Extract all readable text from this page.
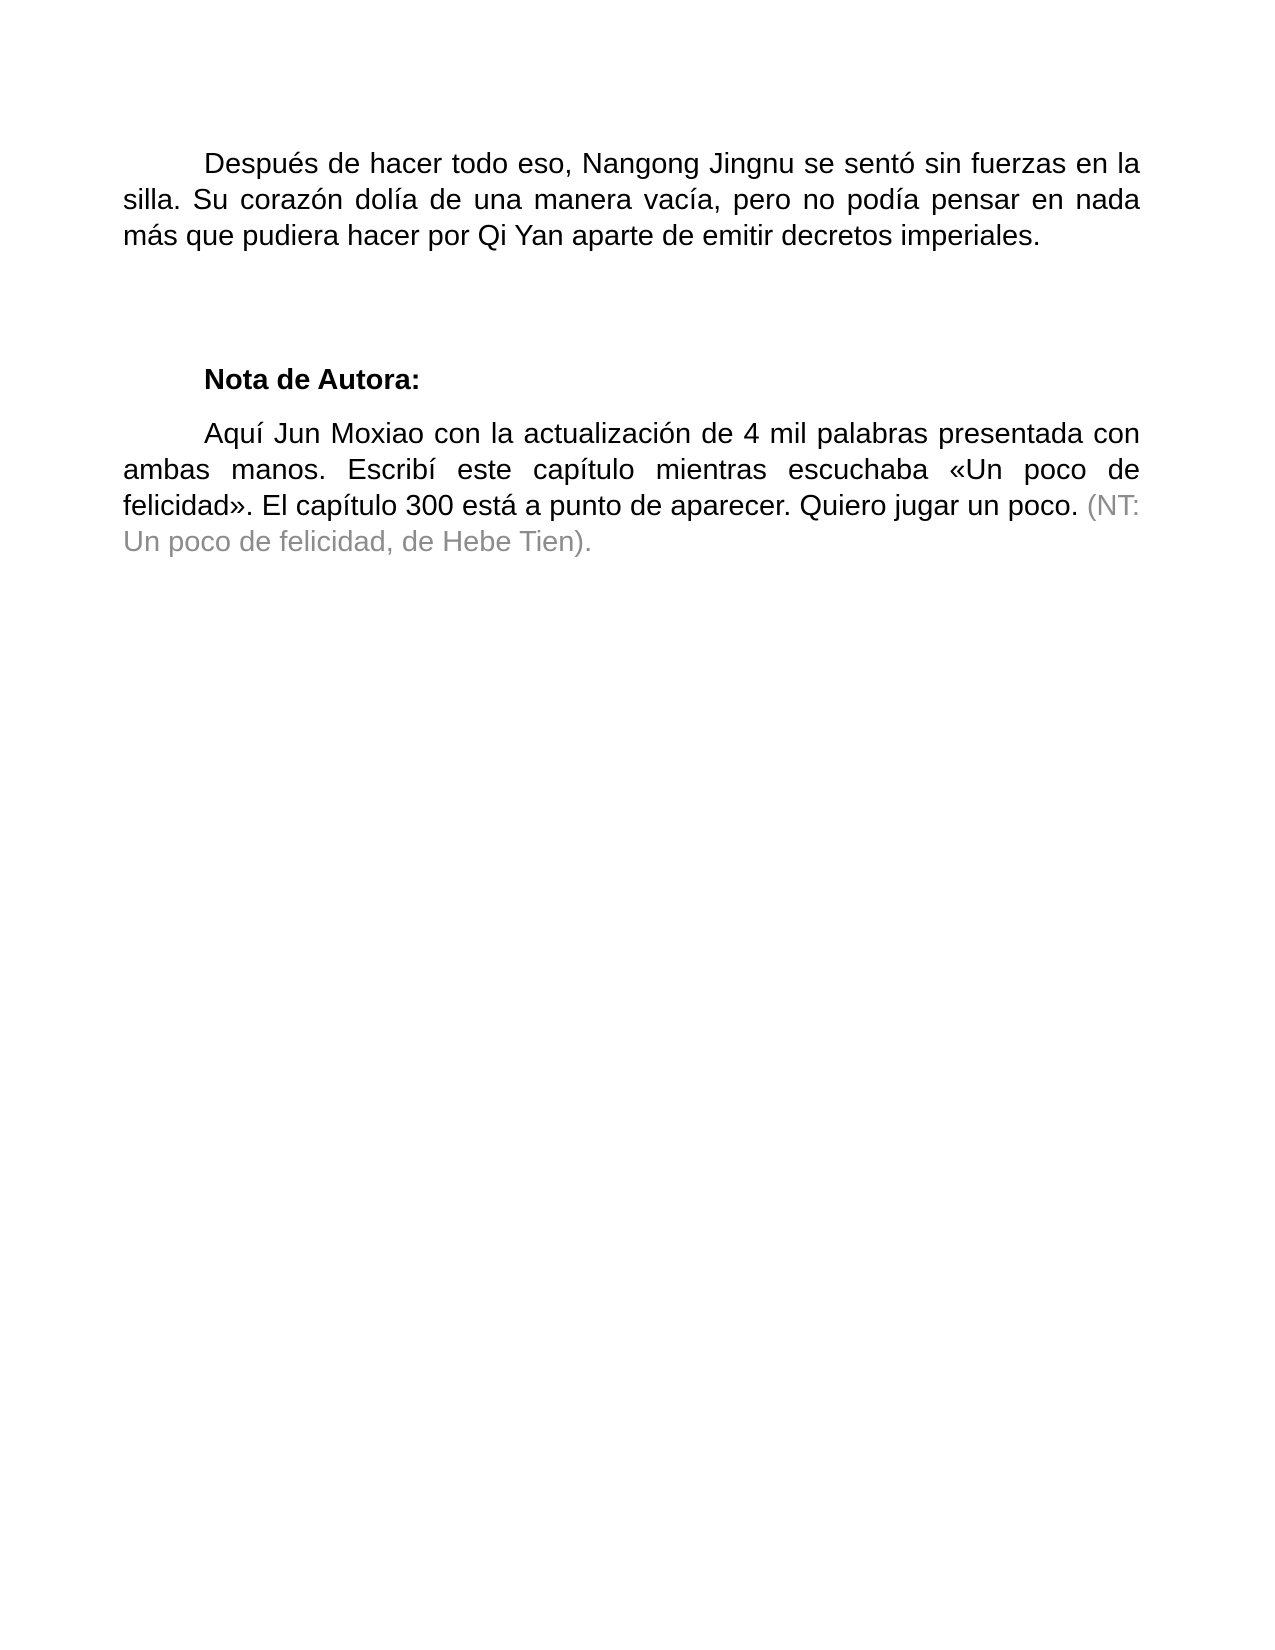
Después de hacer todo eso, Nangong Jingnu se sentó sin fuerzas en la silla. Su corazón dolía de una manera vacía, pero no podía pensar en nada más que pudiera hacer por Qi Yan aparte de emitir decretos imperiales.

Nota de Autora:

Aquí Jun Moxiao con la actualización de 4 mil palabras presentada con ambas manos. Escribí este capítulo mientras escuchaba «Un poco de felicidad». El capítulo 300 está a punto de aparecer. Quiero jugar un poco. (NT: Un poco de felicidad, de Hebe Tien).
